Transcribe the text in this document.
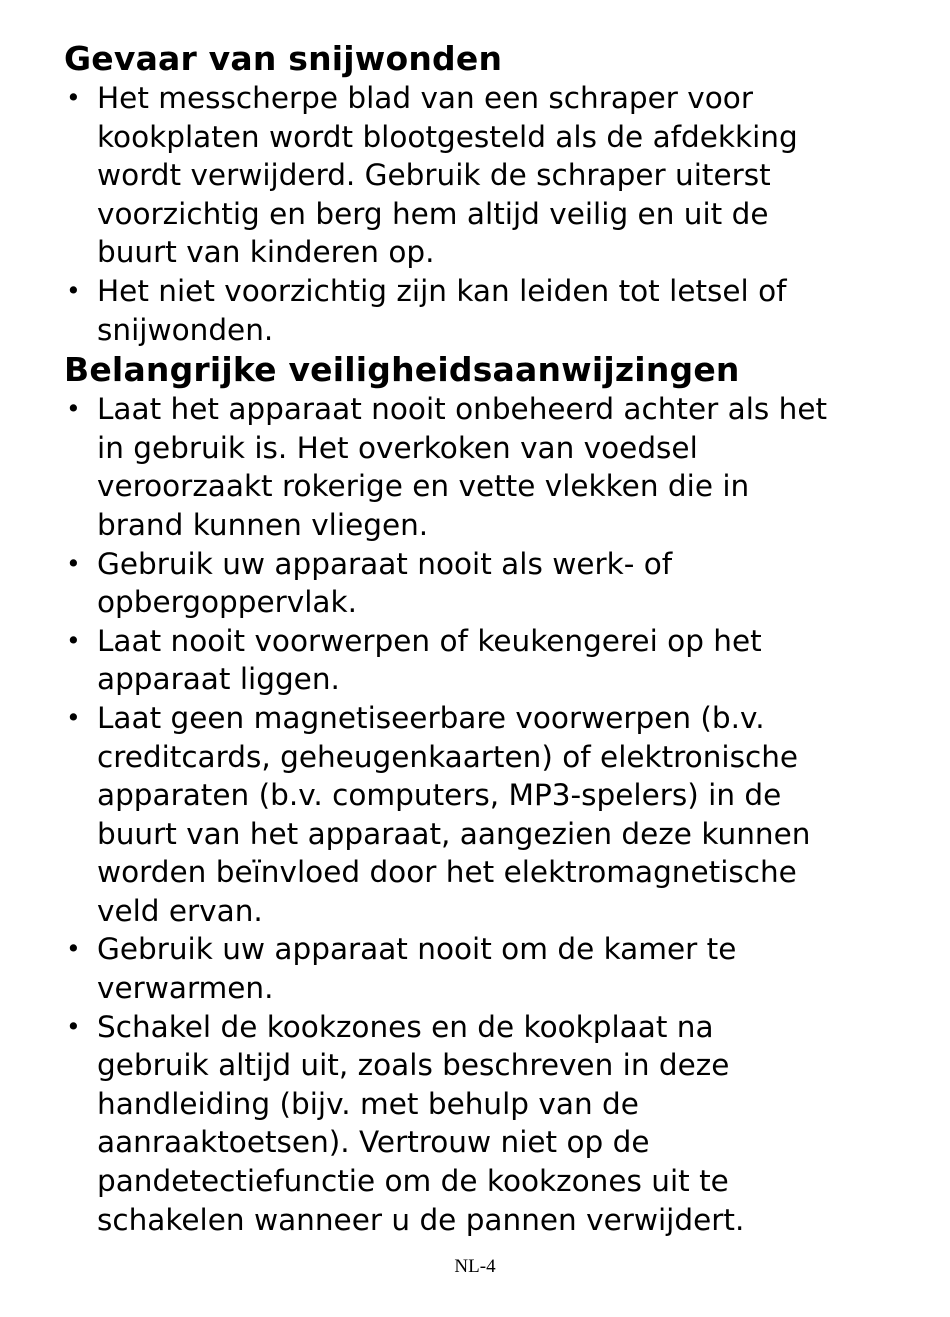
Gevaar van snijwonden
• Het messcherpe blad van een schraper voor
kookplaten wordt blootgesteld als de afdekking
wordt verwijderd. Gebruik de schraper uiterst
voorzichtig en berg hem altijd veilig en uit de
buurt van kinderen op.
• Het niet voorzichtig zijn kan leiden tot letsel of
snijwonden.
Belangrijke veiligheidsaanwijzingen
• Laat het apparaat nooit onbeheerd achter als het
in gebruik is. Het overkoken van voedsel
veroorzaakt rokerige en vette vlekken die in
brand kunnen vliegen.
• Gebruik uw apparaat nooit als werk- of
opbergoppervlak.
• Laat nooit voorwerpen of keukengerei op het
apparaat liggen.
• Laat geen magnetiseerbare voorwerpen (b.v.
creditcards, geheugenkaarten) of elektronische
apparaten (b.v. computers, MP3-spelers) in de
buurt van het apparaat, aangezien deze kunnen
worden beïnvloed door het elektromagnetische
veld ervan.
• Gebruik uw apparaat nooit om de kamer te
verwarmen.
• Schakel de kookzones en de kookplaat na
gebruik altijd uit, zoals beschreven in deze
handleiding (bijv. met behulp van de
aanraaktoetsen). Vertrouw niet op de
pandetectiefunctie om de kookzones uit te
schakelen wanneer u de pannen verwijdert.
NL-4
